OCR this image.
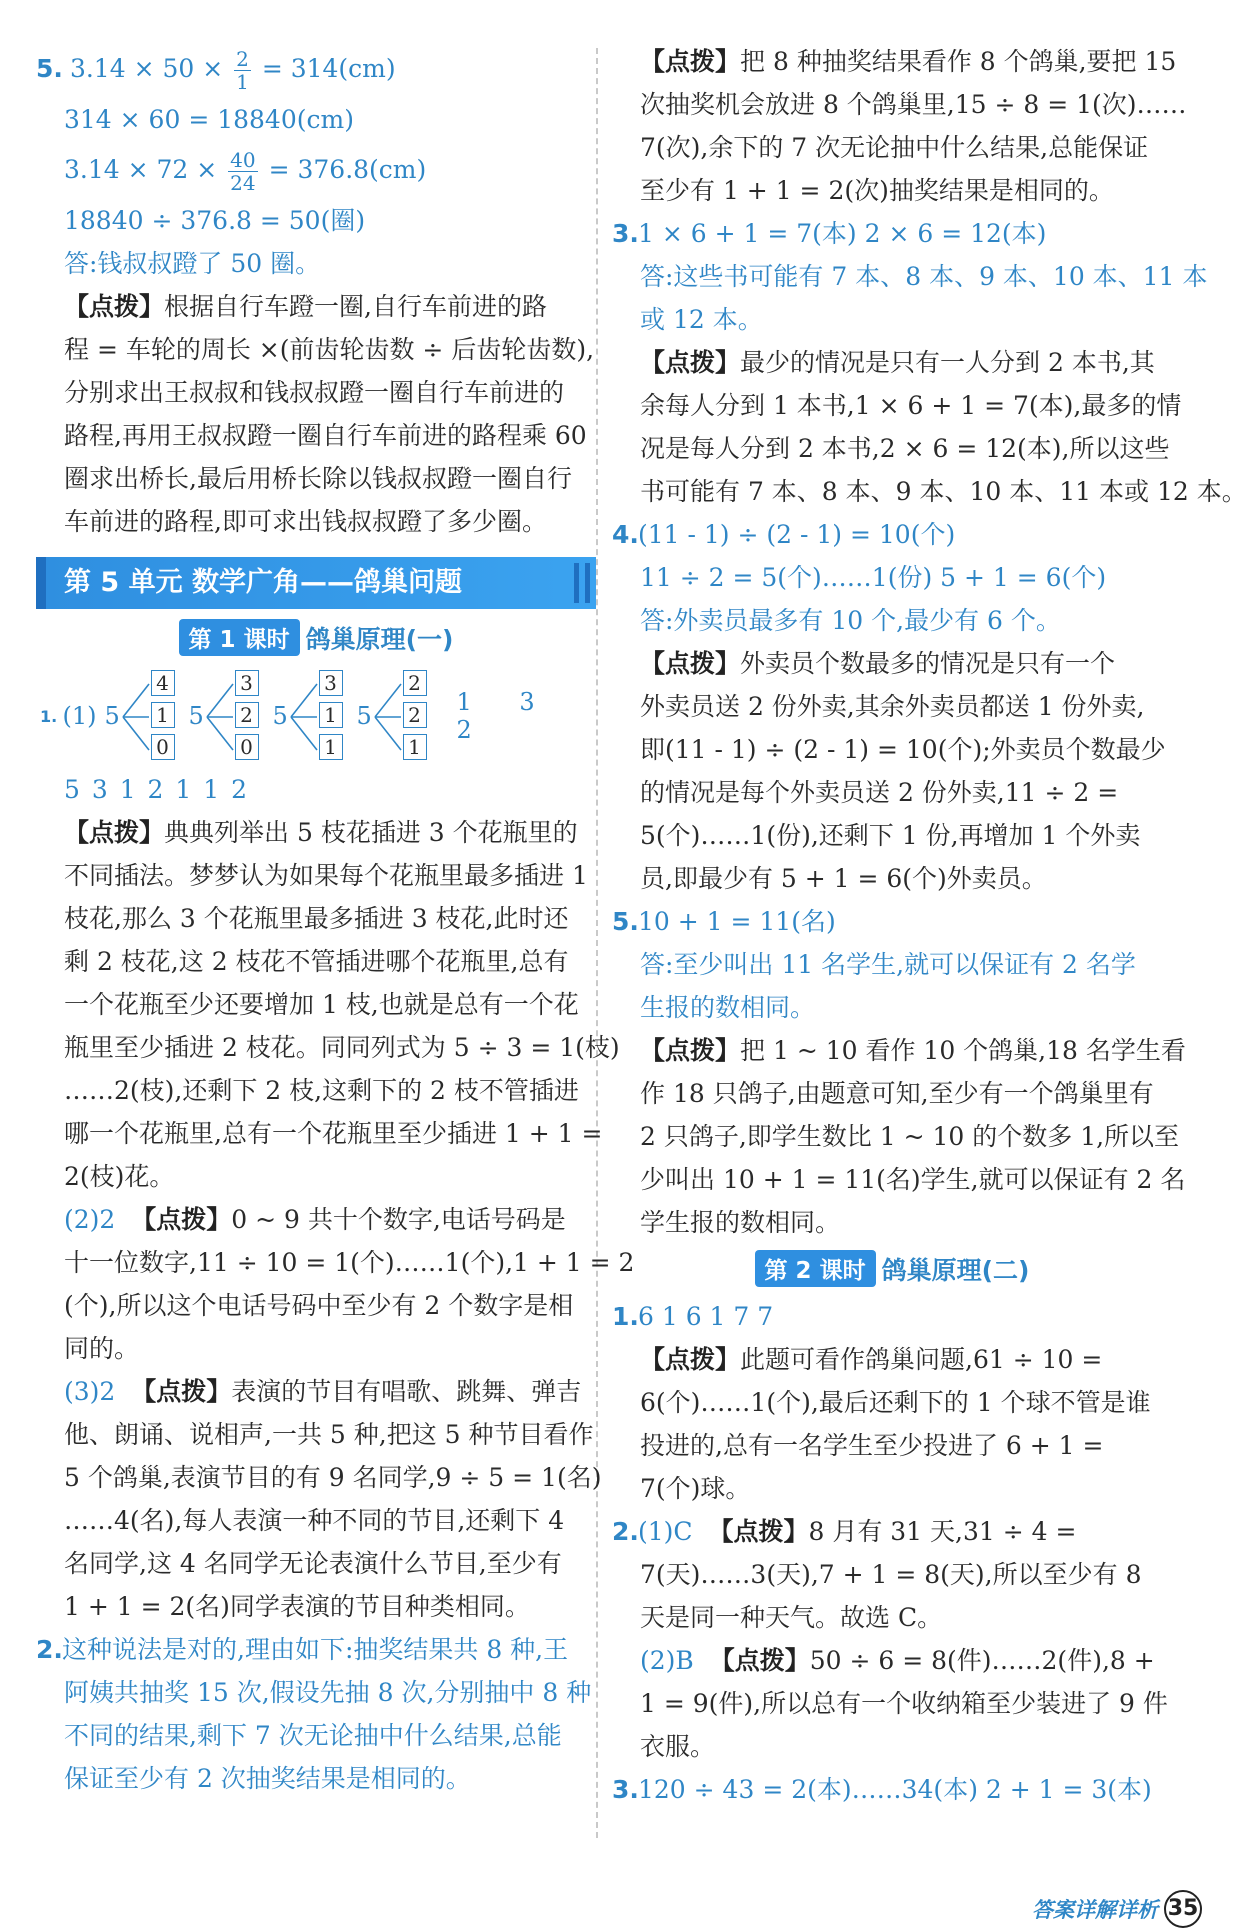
5. $3.14 \times 50 \times \frac{2}{1} = 314(cm)$
314 × 60 = 18840(cm)
$3.14 \times 72 \times \frac{40}{24} = 376.8(cm)$
18840 ÷ 376.8 = 50(圈)
答:钱叔叔蹬了 50 圈。
【点拨】根据自行车蹬一圈,自行车前进的路
程 = 车轮的周长 ×(前齿轮齿数 ÷ 后齿轮齿数),
分别求出王叔叔和钱叔叔蹬一圈自行车前进的
路程,再用王叔叔蹬一圈自行车前进的路程乘 60
圈求出桥长,最后用桥长除以钱叔叔蹬一圈自行
车前进的路程,即可求出钱叔叔蹬了多少圈。
第 5 单元 数学广角——鸽巢问题
第 1 课时 鸽巢原理(一)
1. (1) 5
4
1
0
5
3
2
0
5
3
1
1
5
2
2
1
1 3 2
5 3 1 2 1 1 2
【点拨】典典列举出 5 枝花插进 3 个花瓶里的
不同插法。梦梦认为如果每个花瓶里最多插进 1
枝花,那么 3 个花瓶里最多插进 3 枝花,此时还
剩 2 枝花,这 2 枝花不管插进哪个花瓶里,总有
一个花瓶至少还要增加 1 枝,也就是总有一个花
瓶里至少插进 2 枝花。同同列式为 5 ÷ 3 = 1(枝)
……2(枝),还剩下 2 枝,这剩下的 2 枝不管插进
哪一个花瓶里,总有一个花瓶里至少插进 1 + 1 =
2(枝)花。
(2)2 【点拨】0 ~ 9 共十个数字,电话号码是
十一位数字,11 ÷ 10 = 1(个)……1(个),1 + 1 = 2
(个),所以这个电话号码中至少有 2 个数字是相
同的。
(3)2 【点拨】表演的节目有唱歌、跳舞、弹吉
他、朗诵、说相声,一共 5 种,把这 5 种节目看作
5 个鸽巢,表演节目的有 9 名同学,9 ÷ 5 = 1(名)
……4(名),每人表演一种不同的节目,还剩下 4
名同学,这 4 名同学无论表演什么节目,至少有
1 + 1 = 2(名)同学表演的节目种类相同。
2.这种说法是对的,理由如下:抽奖结果共 8 种,王
阿姨共抽奖 15 次,假设先抽 8 次,分别抽中 8 种
不同的结果,剩下 7 次无论抽中什么结果,总能
保证至少有 2 次抽奖结果是相同的。
【点拨】把 8 种抽奖结果看作 8 个鸽巢,要把 15
次抽奖机会放进 8 个鸽巢里,15 ÷ 8 = 1(次)……
7(次),余下的 7 次无论抽中什么结果,总能保证
至少有 1 + 1 = 2(次)抽奖结果是相同的。
3.1 × 6 + 1 = 7(本) 2 × 6 = 12(本)
答:这些书可能有 7 本、8 本、9 本、10 本、11 本
或 12 本。
【点拨】最少的情况是只有一人分到 2 本书,其
余每人分到 1 本书,1 × 6 + 1 = 7(本),最多的情
况是每人分到 2 本书,2 × 6 = 12(本),所以这些
书可能有 7 本、8 本、9 本、10 本、11 本或 12 本。
4.(11 - 1) ÷ (2 - 1) = 10(个)
11 ÷ 2 = 5(个)……1(份) 5 + 1 = 6(个)
答:外卖员最多有 10 个,最少有 6 个。
【点拨】外卖员个数最多的情况是只有一个
外卖员送 2 份外卖,其余外卖员都送 1 份外卖,
即(11 - 1) ÷ (2 - 1) = 10(个);外卖员个数最少
的情况是每个外卖员送 2 份外卖,11 ÷ 2 =
5(个)……1(份),还剩下 1 份,再增加 1 个外卖
员,即最少有 5 + 1 = 6(个)外卖员。
5.10 + 1 = 11(名)
答:至少叫出 11 名学生,就可以保证有 2 名学
生报的数相同。
【点拨】把 1 ~ 10 看作 10 个鸽巢,18 名学生看
作 18 只鸽子,由题意可知,至少有一个鸽巢里有
2 只鸽子,即学生数比 1 ~ 10 的个数多 1,所以至
少叫出 10 + 1 = 11(名)学生,就可以保证有 2 名
学生报的数相同。
第 2 课时 鸽巢原理(二)
1.6 1 6 1 7 7
【点拨】此题可看作鸽巢问题,61 ÷ 10 =
6(个)……1(个),最后还剩下的 1 个球不管是谁
投进的,总有一名学生至少投进了 6 + 1 =
7(个)球。
2.(1)C 【点拨】8 月有 31 天,31 ÷ 4 =
7(天)……3(天),7 + 1 = 8(天),所以至少有 8
天是同一种天气。故选 C。
(2)B 【点拨】50 ÷ 6 = 8(件)……2(件),8 +
1 = 9(件),所以总有一个收纳箱至少装进了 9 件
衣服。
3.120 ÷ 43 = 2(本)……34(本) 2 + 1 = 3(本)
答案详解详析 35
